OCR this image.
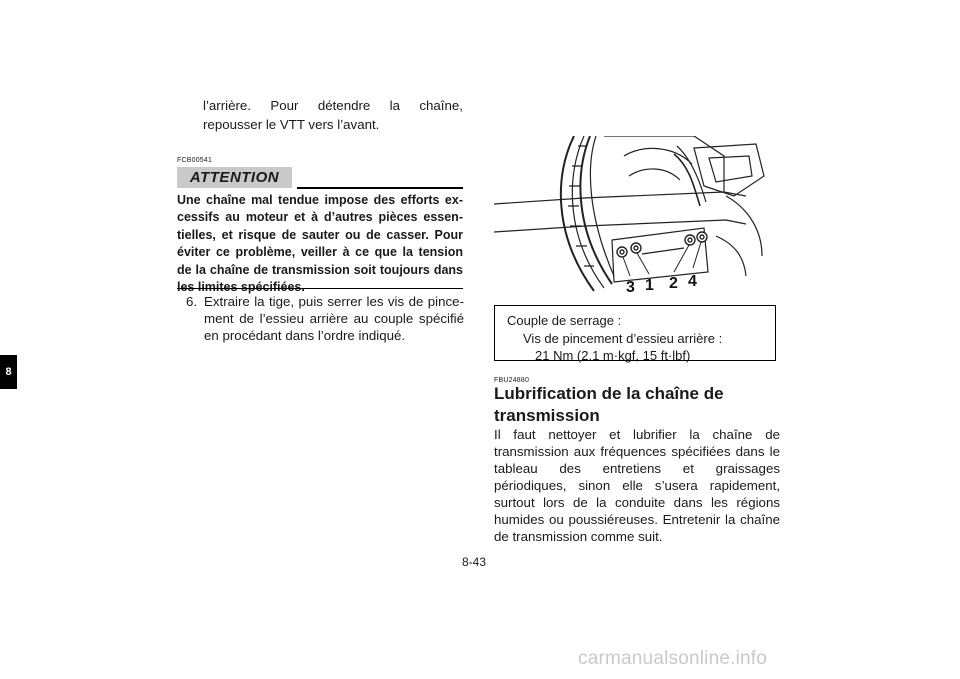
8
l’arrière. Pour détendre la chaîne, repousser le VTT vers l’avant.
FCB00541
ATTENTION
Une chaîne mal tendue impose des efforts excessifs au moteur et à d’autres pièces essentielles, et risque de sauter ou de casser. Pour éviter ce problème, veiller à ce que la tension de la chaîne de transmission soit toujours dans
6. Extraire la tige, puis serrer les vis de pincement de l’essieu arrière au couple spécifié en procédant dans l’ordre indiqué.
3 1 2 4
Couple de serrage :
Vis de pincement d’essieu arrière :
21 Nm (2.1 m·kgf, 15 ft·lbf)
FBU24880
Lubrification de la chaîne de transmission
Il faut nettoyer et lubrifier la chaîne de transmission aux fréquences spécifiées dans le tableau des entretiens et graissages périodiques, sinon elle s’usera rapidement, surtout lors de la conduite dans les régions humides ou poussiéreuses. Entretenir la chaîne de transmission comme suit.
8-43
carmanualsonline.info
